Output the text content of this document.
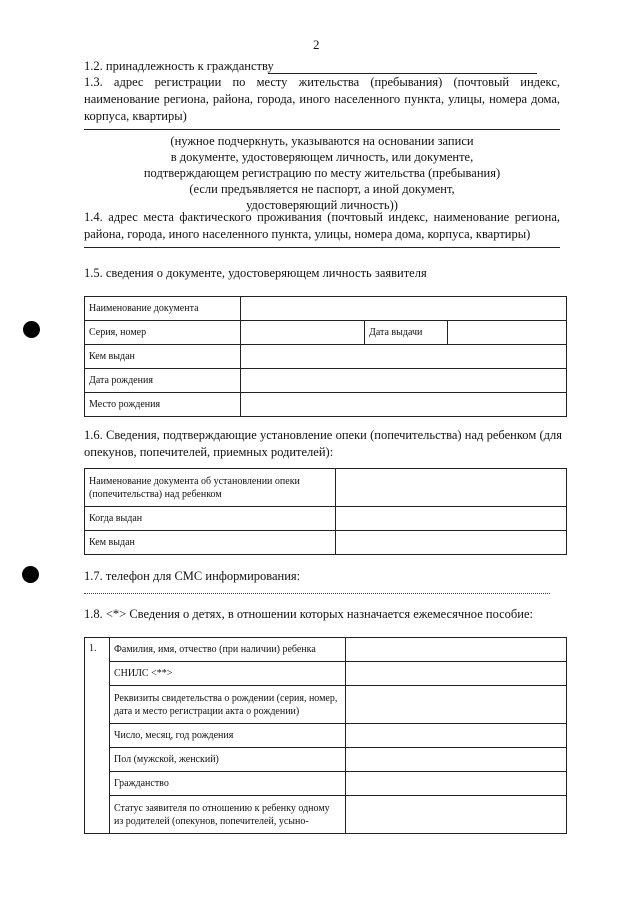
2
1.2. принадлежность к гражданству
1.3. адрес регистрации по месту жительства (пребывания) (почтовый индекс, наименование региона, района, города, иного населенного пункта, улицы, номера дома, корпуса, квартиры)
(нужное подчеркнуть, указываются на основании записи
в документе, удостоверяющем личность, или документе,
подтверждающем регистрацию по месту жительства (пребывания)
(если предъявляется не паспорт, а иной документ,
удостоверяющий личность))
1.4. адрес места фактического проживания (почтовый индекс, наименование региона, района, города, иного населенного пункта, улицы, номера дома, корпуса, квартиры)
1.5. сведения о документе, удостоверяющем личность заявителя
Наименование документа			
Серия, номер		Дата выдачи	
Кем выдан			
Дата рождения			
Место рождения			
1.6. Сведения, подтверждающие установление опеки (попечительства) над ребенком (для опекунов, попечителей, приемных родителей):
Наименование документа об установлении опеки (попечительства) над ребенком	
Когда выдан	
Кем выдан	
1.7. телефон для СМС информирования:
1.8. <*> Сведения о детях, в отношении которых назначается ежемесячное пособие:
1.	Фамилия, имя, отчество (при наличии) ребенка	
	СНИЛС <**>	
	Реквизиты свидетельства о рождении (серия, номер, дата и место регистрации акта о рождении)	
	Число, месяц, год рождения	
	Пол (мужской, женский)	
	Гражданство	
	Статус заявителя по отношению к ребенку одному из родителей (опекунов, попечителей, усыно-	
